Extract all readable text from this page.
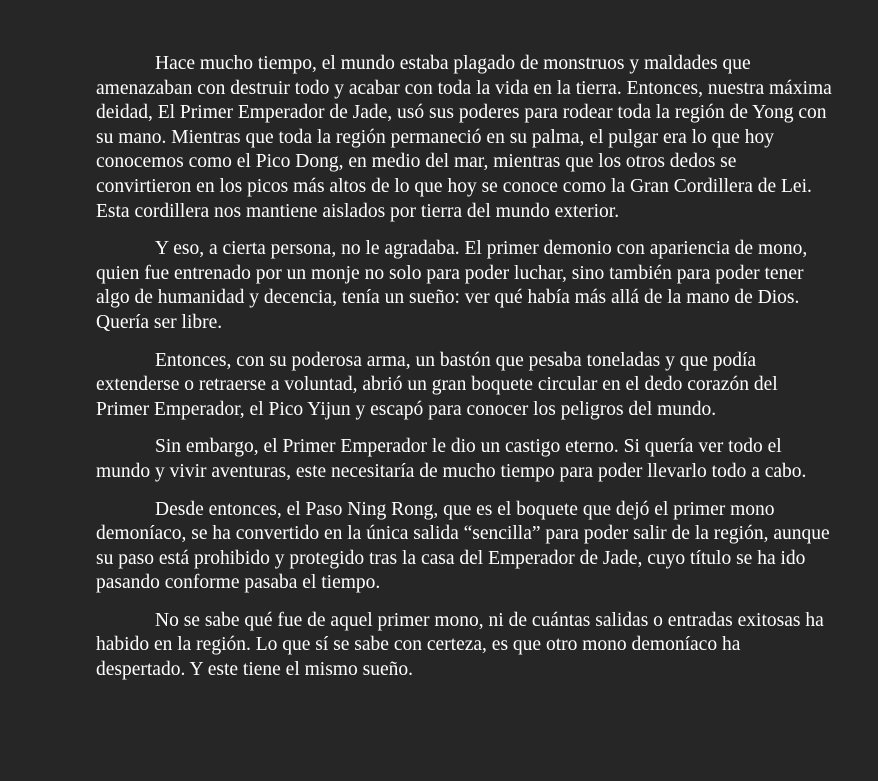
Hace mucho tiempo, el mundo estaba plagado de monstruos y maldades que amenazaban con destruir todo y acabar con toda la vida en la tierra. Entonces, nuestra máxima deidad, El Primer Emperador de Jade, usó sus poderes para rodear toda la región de Yong con su mano. Mientras que toda la región permaneció en su palma, el pulgar era lo que hoy conocemos como el Pico Dong, en medio del mar, mientras que los otros dedos se convirtieron en los picos más altos de lo que hoy se conoce como la Gran Cordillera de Lei. Esta cordillera nos mantiene aislados por tierra del mundo exterior.

Y eso, a cierta persona, no le agradaba. El primer demonio con apariencia de mono, quien fue entrenado por un monje no solo para poder luchar, sino también para poder tener algo de humanidad y decencia, tenía un sueño: ver qué había más allá de la mano de Dios. Quería ser libre.

Entonces, con su poderosa arma, un bastón que pesaba toneladas y que podía extenderse o retraerse a voluntad, abrió un gran boquete circular en el dedo corazón del Primer Emperador, el Pico Yijun y escapó para conocer los peligros del mundo.

Sin embargo, el Primer Emperador le dio un castigo eterno. Si quería ver todo el mundo y vivir aventuras, este necesitaría de mucho tiempo para poder llevarlo todo a cabo.

Desde entonces, el Paso Ning Rong, que es el boquete que dejó el primer mono demoníaco, se ha convertido en la única salida “sencilla” para poder salir de la región, aunque su paso está prohibido y protegido tras la casa del Emperador de Jade, cuyo título se ha ido pasando conforme pasaba el tiempo.

No se sabe qué fue de aquel primer mono, ni de cuántas salidas o entradas exitosas ha habido en la región. Lo que sí se sabe con certeza, es que otro mono demoníaco ha despertado. Y este tiene el mismo sueño.
